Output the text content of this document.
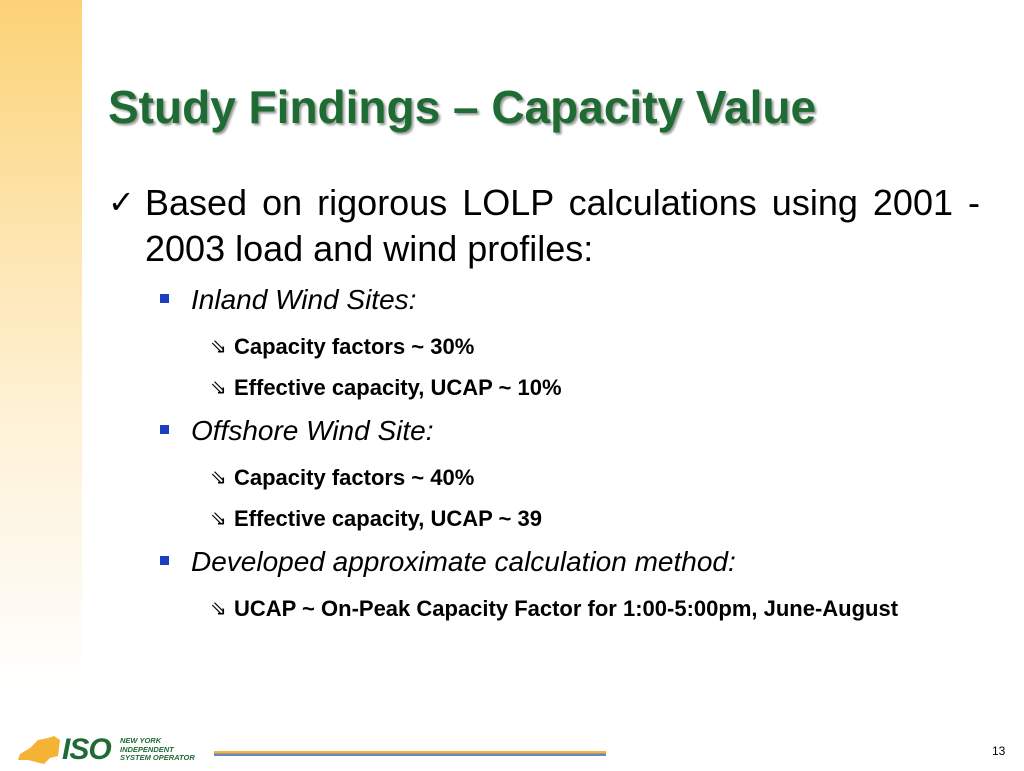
Study Findings – Capacity Value
✓ Based on rigorous LOLP calculations using 2001 - 2003 load and wind profiles:
Inland Wind Sites:
⇘ Capacity factors ~ 30%
⇘ Effective capacity, UCAP ~ 10%
Offshore Wind Site:
⇘ Capacity factors ~ 40%
⇘ Effective capacity, UCAP ~ 39
Developed approximate calculation method:
⇘ UCAP ~ On-Peak Capacity Factor for 1:00-5:00pm, June-August
ISO NEW YORK
INDEPENDENT
SYSTEM OPERATOR	13
